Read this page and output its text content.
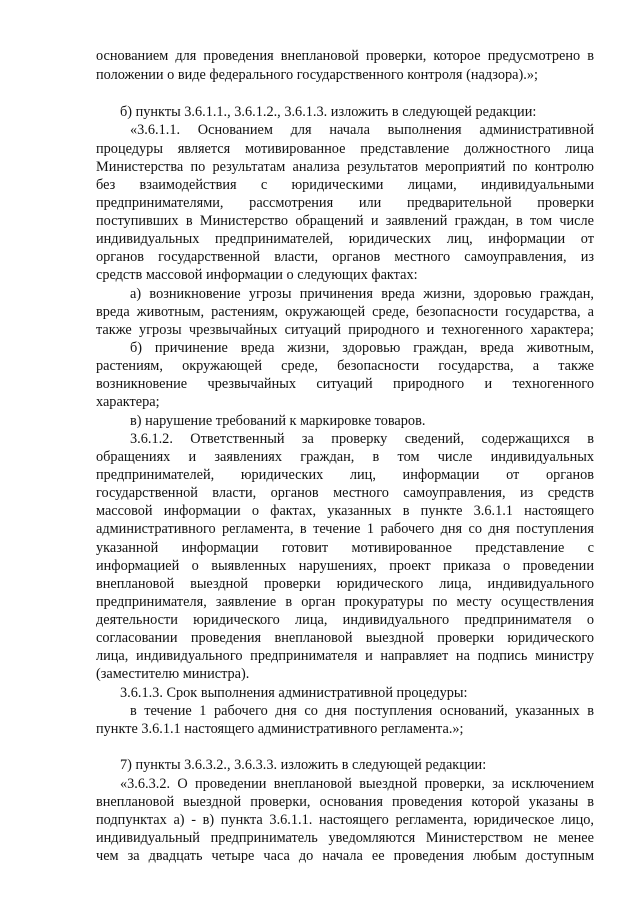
основанием для проведения внеплановой проверки, которое предусмотрено в
положении о виде федерального государственного контроля (надзора).»;
б) пункты 3.6.1.1., 3.6.1.2., 3.6.1.3. изложить в следующей редакции:
«3.6.1.1. Основанием для начала выполнения административной
процедуры является мотивированное представление должностного лица
Министерства по результатам анализа результатов мероприятий по контролю
без взаимодействия с юридическими лицами, индивидуальными
предпринимателями, рассмотрения или предварительной проверки
поступивших в Министерство обращений и заявлений граждан, в том числе
индивидуальных предпринимателей, юридических лиц, информации от
органов государственной власти, органов местного самоуправления, из
средств массовой информации о следующих фактах:
а) возникновение угрозы причинения вреда жизни, здоровью граждан,
вреда животным, растениям, окружающей среде, безопасности государства, а
также угрозы чрезвычайных ситуаций природного и техногенного характера;
б) причинение вреда жизни, здоровью граждан, вреда животным,
растениям, окружающей среде, безопасности государства, а также
возникновение чрезвычайных ситуаций природного и техногенного
характера;
в) нарушение требований к маркировке товаров.
3.6.1.2. Ответственный за проверку сведений, содержащихся в
обращениях и заявлениях граждан, в том числе индивидуальных
предпринимателей, юридических лиц, информации от органов
государственной власти, органов местного самоуправления, из средств
массовой информации о фактах, указанных в пункте 3.6.1.1 настоящего
административного регламента, в течение 1 рабочего дня со дня поступления
указанной информации готовит мотивированное представление с
информацией о выявленных нарушениях, проект приказа о проведении
внеплановой выездной проверки юридического лица, индивидуального
предпринимателя, заявление в орган прокуратуры по месту осуществления
деятельности юридического лица, индивидуального предпринимателя о
согласовании проведения внеплановой выездной проверки юридического
лица, индивидуального предпринимателя и направляет на подпись министру
(заместителю министра).
3.6.1.3. Срок выполнения административной процедуры:
в течение 1 рабочего дня со дня поступления оснований, указанных в
пункте 3.6.1.1 настоящего административного регламента.»;
7) пункты 3.6.3.2., 3.6.3.3. изложить в следующей редакции:
«3.6.3.2. О проведении внеплановой выездной проверки, за исключением
внеплановой выездной проверки, основания проведения которой указаны в
подпунктах а) - в) пункта 3.6.1.1. настоящего регламента, юридическое лицо,
индивидуальный предприниматель уведомляются Министерством не менее
чем за двадцать четыре часа до начала ее проведения любым доступным
